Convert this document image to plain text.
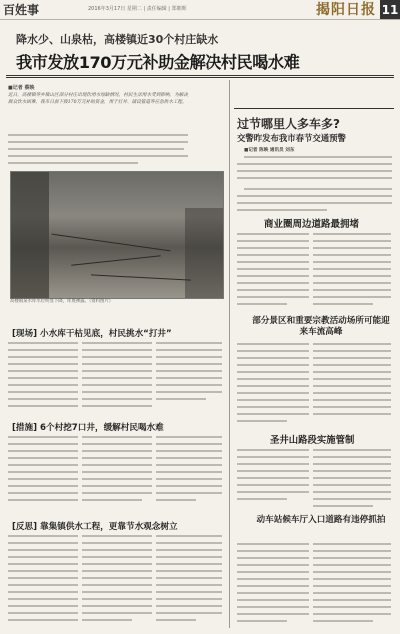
百姓事	2016年3月17日 星期二 | 责任编辑 | 郑朝晖	揭阳日报 11
降水少、山泉枯，高楼镇近30个村庄缺水
我市发放170万元补助金解决村民喝水难
■记者 蔡映
近日，高楼镇等乡镇山区部分村庄出现饮用水短缺情况，村民生活用水受到影响。为解决群众饮水困难，我市日前下拨170万元补助资金，用于打井、铺设管道等应急供水工程。
高楼镇某水库水位明显下降，库底裸露。（资料图片）
过节哪里人多车多?
交警昨发布我市春节交通预警
■记者 陈映 通讯员 刘东
商业圈周边道路最拥堵
部分景区和重要宗教活动场所可能迎来车流高峰
圣井山路段实施管制
动车站候车厅入口道路有违停抓拍
[现场] 小水库干枯见底，村民挑水“打井”
[措施] 6个村挖7口井，缓解村民喝水难
[反思] 靠集镇供水工程，更靠节水观念树立
